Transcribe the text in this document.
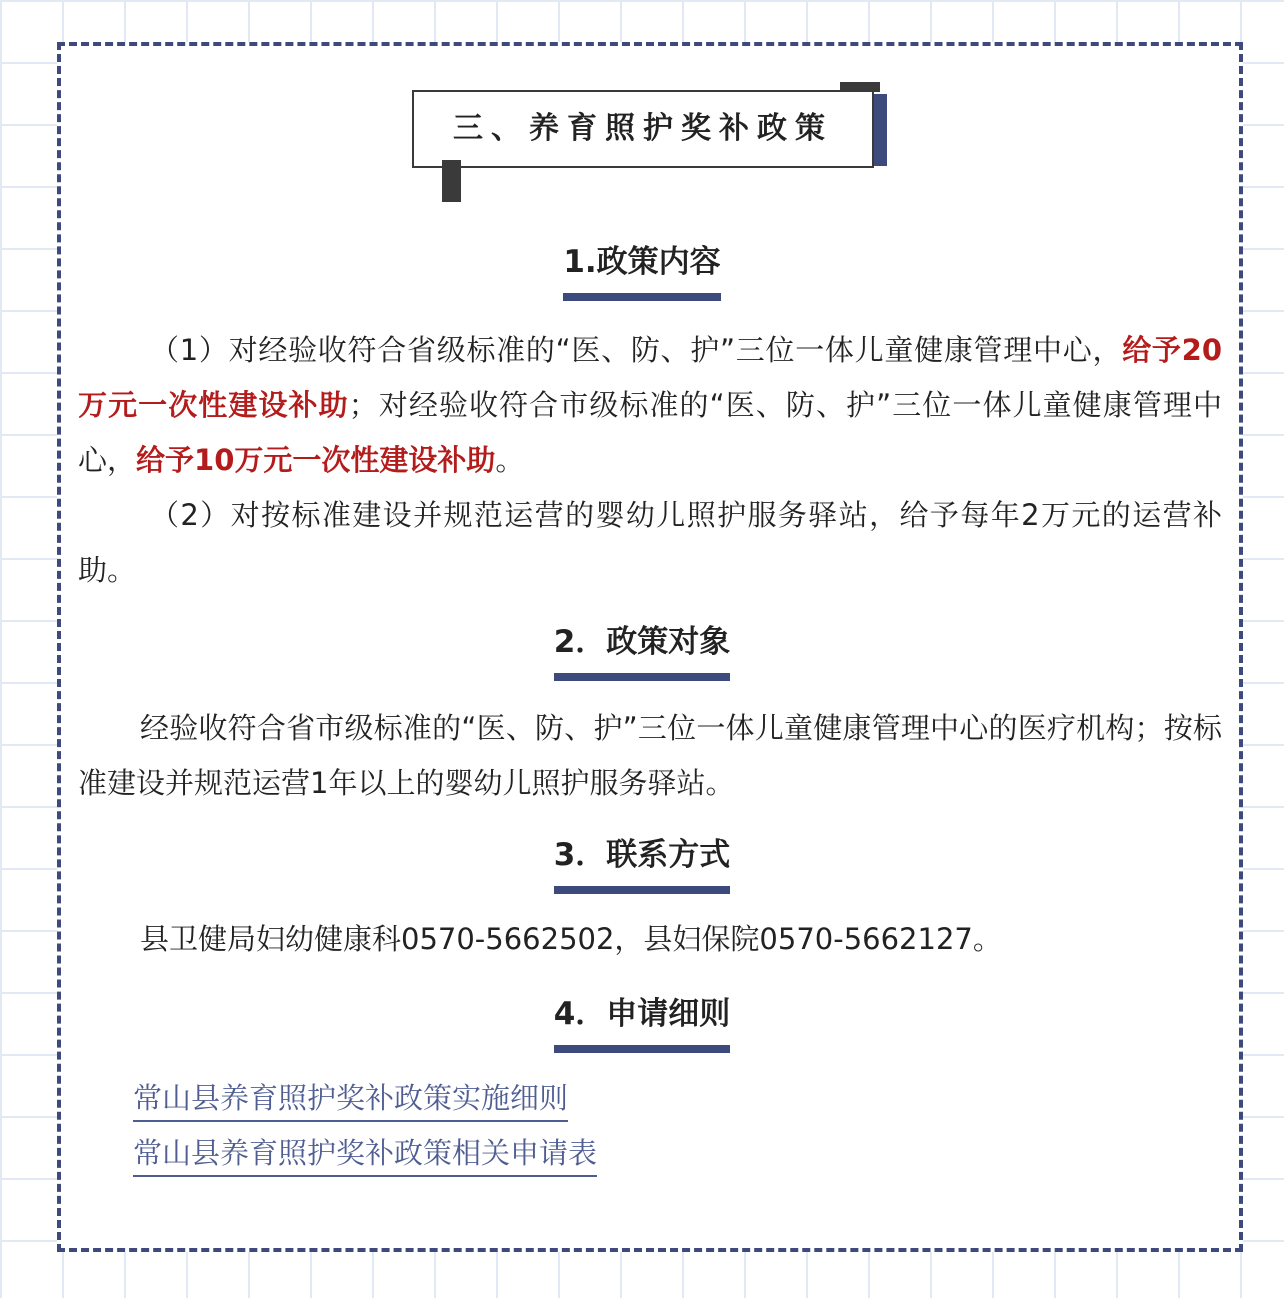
三、养育照护奖补政策
1.政策内容

（1）对经验收符合省级标准的“医、防、护”三位一体儿童健康管理中心，给予20万元一次性建设补助；对经验收符合市级标准的“医、防、护”三位一体儿童健康管理中心，给予10万元一次性建设补助。

（2）对按标准建设并规范运营的婴幼儿照护服务驿站，给予每年2万元的运营补助。

2．政策对象

经验收符合省市级标准的“医、防、护”三位一体儿童健康管理中心的医疗机构；按标准建设并规范运营1年以上的婴幼儿照护服务驿站。

3．联系方式
县卫健局妇幼健康科0570-5662502，县妇保院0570-5662127。
4．申请细则
常山县养育照护奖补政策实施细则
常山县养育照护奖补政策相关申请表
